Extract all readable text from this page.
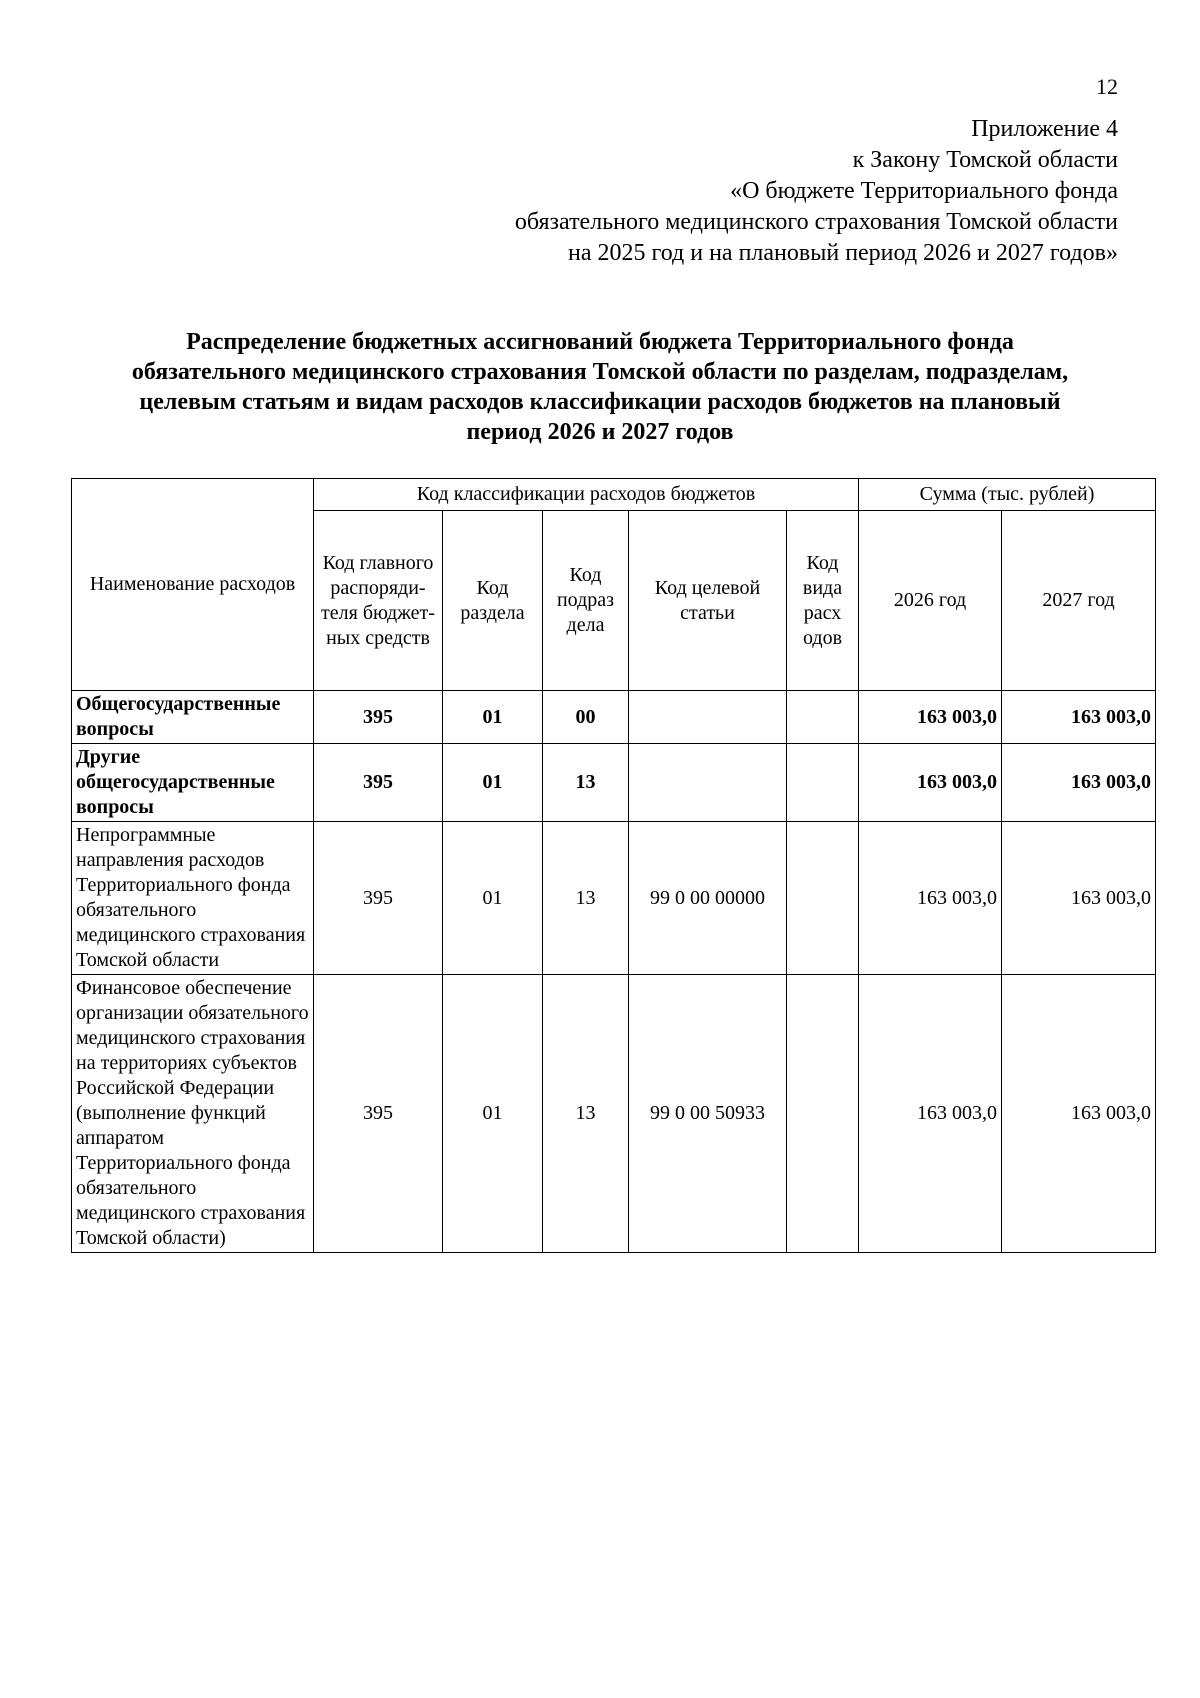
12
Приложение 4
к Закону Томской области
«О бюджете Территориального фонда
обязательного медицинского страхования Томской области
на 2025 год и на плановый период 2026 и 2027 годов»
Распределение бюджетных ассигнований бюджета Территориального фонда
обязательного медицинского страхования Томской области по разделам, подразделам,
целевым статьям и видам расходов классификации расходов бюджетов на плановый
период 2026 и 2027 годов
Наименование расходов	Код классификации расходов бюджетов					Сумма (тыс. рублей)	
	Код главного распоряди-теля бюджет-ных средств	Код раздела	Код подраз дела	Код целевой статьи	Код вида расх одов	2026 год	2027 год
Общегосударственные вопросы	395	01	00			163 003,0	163 003,0
Другие общегосударственные вопросы	395	01	13			163 003,0	163 003,0
Непрограммные направления расходов Территориального фонда обязательного медицинского страхования Томской области	395	01	13	99 0 00 00000		163 003,0	163 003,0
Финансовое обеспечение организации обязательного медицинского страхования на территориях субъектов Российской Федерации (выполнение функций аппаратом Территориального фонда обязательного медицинского страхования Томской области)	395	01	13	99 0 00 50933		163 003,0	163 003,0
